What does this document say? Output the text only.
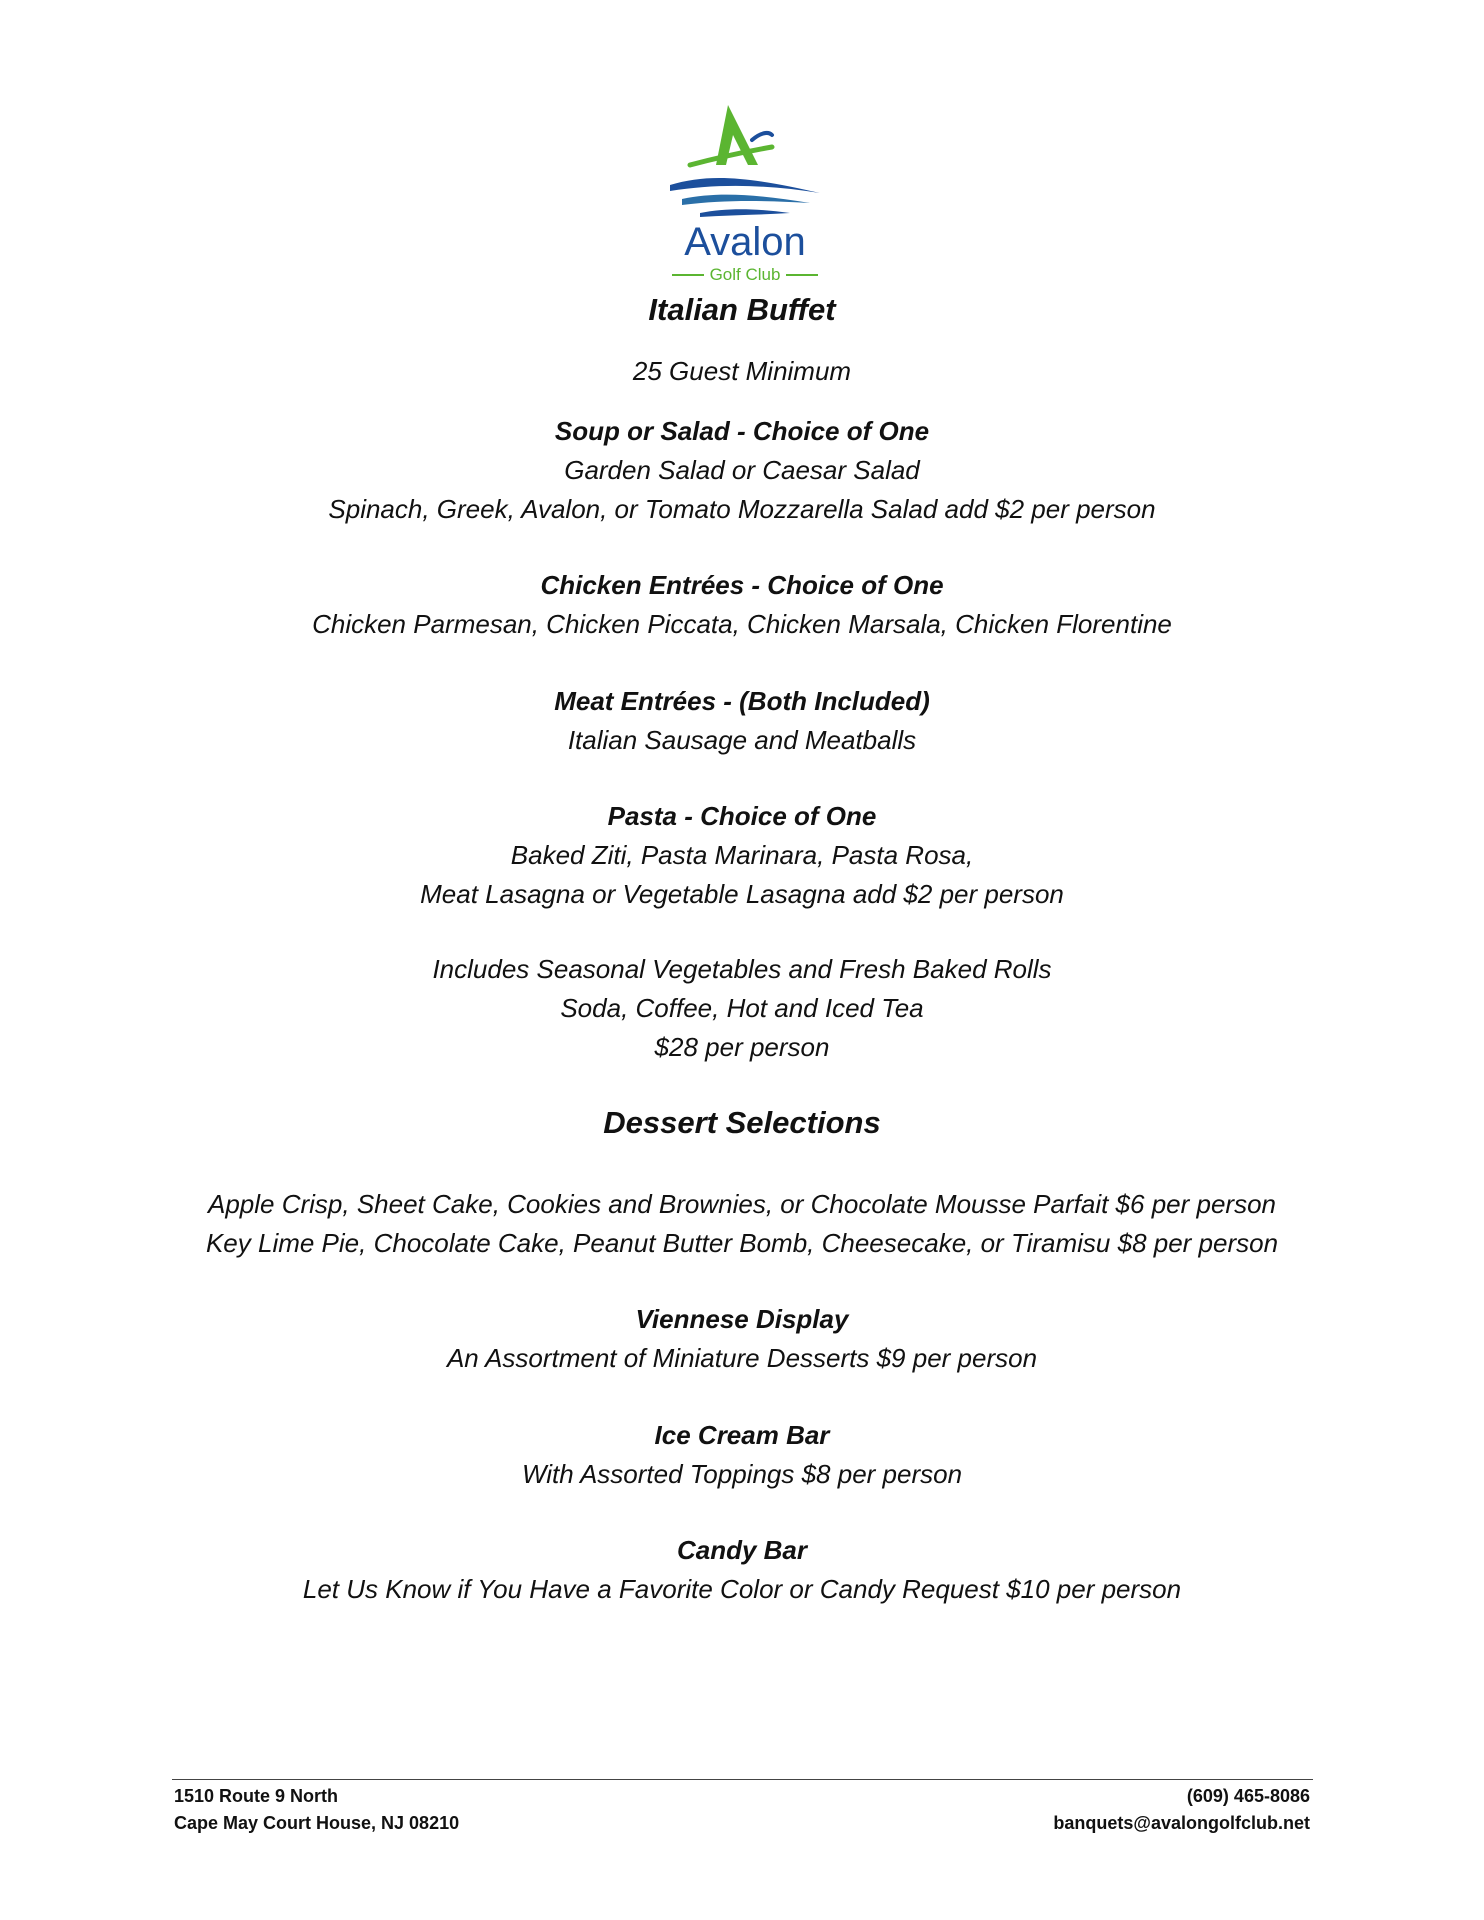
Avalon
Golf Club
Italian Buffet
25 Guest Minimum
Soup or Salad - Choice of One
Garden Salad or Caesar Salad
Spinach, Greek, Avalon, or Tomato Mozzarella Salad add $2 per person
Chicken Entrées - Choice of One
Chicken Parmesan, Chicken Piccata, Chicken Marsala, Chicken Florentine
Meat Entrées - (Both Included)
Italian Sausage and Meatballs
Pasta - Choice of One
Baked Ziti, Pasta Marinara, Pasta Rosa,
Meat Lasagna or Vegetable Lasagna add $2 per person
Includes Seasonal Vegetables and Fresh Baked Rolls
Soda, Coffee, Hot and Iced Tea
$28 per person
Dessert Selections
Apple Crisp, Sheet Cake, Cookies and Brownies, or Chocolate Mousse Parfait $6 per person
Key Lime Pie, Chocolate Cake, Peanut Butter Bomb, Cheesecake, or Tiramisu $8 per person
Viennese Display
An Assortment of Miniature Desserts $9 per person
Ice Cream Bar
With Assorted Toppings $8 per person
Candy Bar
Let Us Know if You Have a Favorite Color or Candy Request $10 per person
1510 Route 9 North
Cape May Court House, NJ 08210
(609) 465-8086
banquets@avalongolfclub.net
